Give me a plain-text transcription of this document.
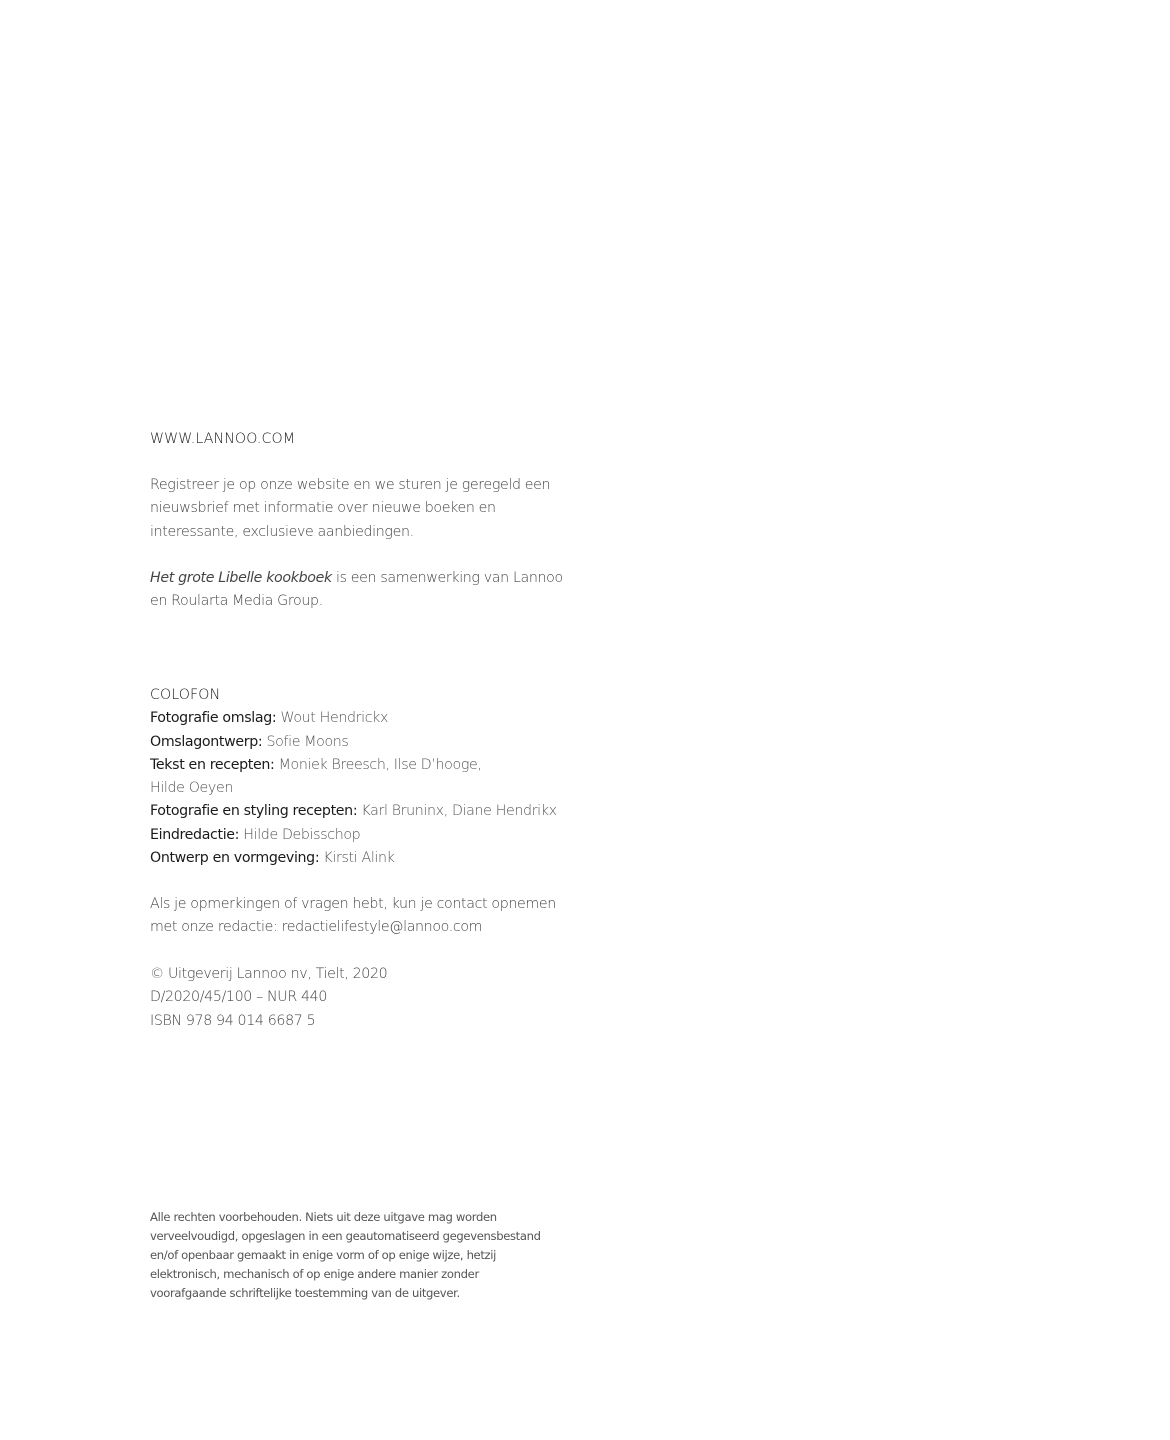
WWW.LANNOO.COM

Registreer je op onze website en we sturen je geregeld een

nieuwsbrief met informatie over nieuwe boeken en

interessante, exclusieve aanbiedingen.

Het grote Libelle kookboek is een samenwerking van Lannoo

en Roularta Media Group.

COLOFON

Fotografie omslag: Wout Hendrickx

Omslagontwerp: Sofie Moons

Tekst en recepten: Moniek Breesch, Ilse D’hooge,

Hilde Oeyen

Fotografie en styling recepten: Karl Bruninx, Diane Hendrikx

Eindredactie: Hilde Debisschop

Ontwerp en vormgeving: Kirsti Alink

Als je opmerkingen of vragen hebt, kun je contact opnemen

met onze redactie: redactielifestyle@lannoo.com

© Uitgeverij Lannoo nv, Tielt, 2020

D/2020/45/100 – NUR 440

ISBN 978 94 014 6687 5

Alle rechten voorbehouden. Niets uit deze uitgave mag worden

verveelvoudigd, opgeslagen in een geautomatiseerd gegevensbestand

en/of openbaar gemaakt in enige vorm of op enige wijze, hetzij

elektronisch, mechanisch of op enige andere manier zonder

voorafgaande schriftelijke toestemming van de uitgever.
